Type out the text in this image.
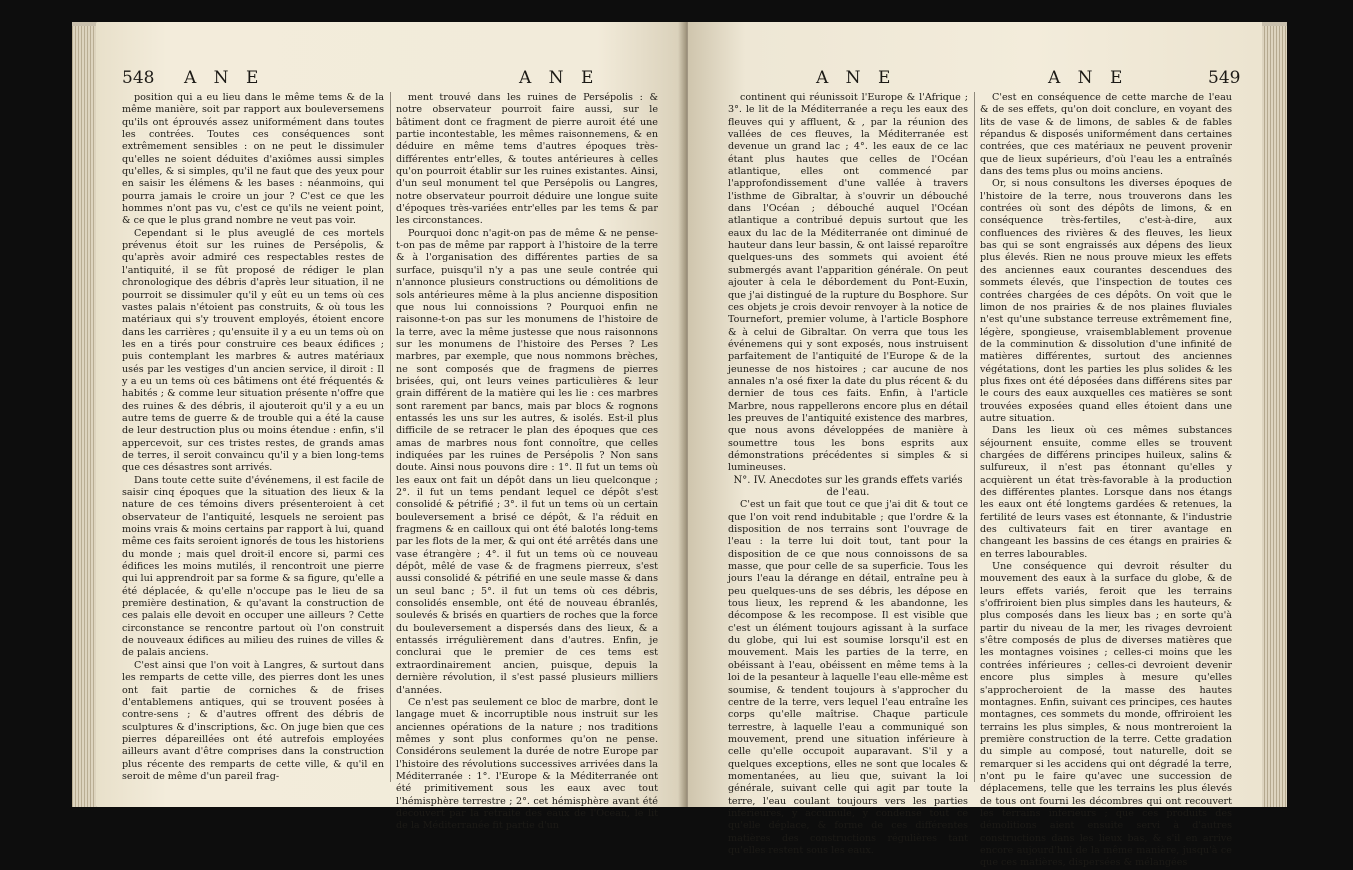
548 A N E	A N E

position qui a eu lieu dans le même tems & de la même manière, soit par rapport aux bouleversemens qu'ils ont éprouvés assez uniformément dans toutes les contrées. Toutes ces conséquences sont extrêmement sensibles : on ne peut le dissimuler qu'elles ne soient déduites d'axiômes aussi simples qu'elles, & si simples, qu'il ne faut que des yeux pour en saisir les élémens & les bases : néanmoins, qui pourra jamais le croire un jour ? C'est ce que les hommes n'ont pas vu, c'est ce qu'ils ne veient point, & ce que le plus grand nombre ne veut pas voir.

Cependant si le plus aveuglé de ces mortels prévenus étoit sur les ruines de Persépolis, & qu'après avoir admiré ces respectables restes de l'antiquité, il se fût proposé de rédiger le plan chronologique des débris d'après leur situation, il ne pourroit se dissimuler qu'il y eût eu un tems où ces vastes palais n'étoient pas construits, & où tous les matériaux qui s'y trouvent employés, étoient encore dans les carrières ; qu'ensuite il y a eu un tems où on les en a tirés pour construire ces beaux édifices ; puis contemplant les marbres & autres matériaux usés par les vestiges d'un ancien service, il diroit : Il y a eu un tems où ces bâtimens ont été fréquentés & habités ; & comme leur situation présente n'offre que des ruines & des débris, il ajouteroit qu'il y a eu un autre tems de guerre & de trouble qui a été la cause de leur destruction plus ou moins étendue : enfin, s'il appercevoit, sur ces tristes restes, de grands amas de terres, il seroit convaincu qu'il y a bien long-tems que ces désastres sont arrivés.

Dans toute cette suite d'événemens, il est facile de saisir cinq époques que la situation des lieux & la nature de ces témoins divers présenteroient à cet observateur de l'antiquité, lesquels ne seroient pas moins vrais & moins certains par rapport à lui, quand même ces faits seroient ignorés de tous les historiens du monde ; mais quel droit-il encore si, parmi ces édifices les moins mutilés, il rencontroit une pierre qui lui apprendroit par sa forme & sa figure, qu'elle a été déplacée, & qu'elle n'occupe pas le lieu de sa première destination, & qu'avant la construction de ces palais elle devoit en occuper une ailleurs ? Cette circonstance se rencontre partout où l'on construit de nouveaux édifices au milieu des ruines de villes & de palais anciens.

C'est ainsi que l'on voit à Langres, & surtout dans les remparts de cette ville, des pierres dont les unes ont fait partie de corniches & de frises d'entablemens antiques, qui se trouvent posées à contre-sens ; & d'autres offrent des débris de sculptures & d'inscriptions, &c. On juge bien que ces pierres dépareillées ont été autrefois employées ailleurs avant d'être comprises dans la construction plus récente des remparts de cette ville, & qu'il en seroit de même d'un pareil frag-

ment trouvé dans les ruines de Persépolis : & notre observateur pourroit faire aussi, sur le bâtiment dont ce fragment de pierre auroit été une partie incontestable, les mêmes raisonnemens, & en déduire en même tems d'autres époques très-différentes entr'elles, & toutes antérieures à celles qu'on pourroit établir sur les ruines existantes. Ainsi, d'un seul monument tel que Persépolis ou Langres, notre observateur pourroit déduire une longue suite d'époques très-variées entr'elles par les tems & par les circonstances.

Pourquoi donc n'agit-on pas de même & ne pense-t-on pas de même par rapport à l'histoire de la terre & à l'organisation des différentes parties de sa surface, puisqu'il n'y a pas une seule contrée qui n'annonce plusieurs constructions ou démolitions de sols antérieures même à la plus ancienne disposition que nous lui connoissions ? Pourquoi enfin ne raisonne-t-on pas sur les monumens de l'histoire de la terre, avec la même justesse que nous raisonnons sur les monumens de l'histoire des Perses ? Les marbres, par exemple, que nous nommons brèches, ne sont composés que de fragmens de pierres brisées, qui, ont leurs veines particulières & leur grain différent de la matière qui les lie : ces marbres sont rarement par bancs, mais par blocs & rognons entassés les uns sur les autres, & isolés. Est-il plus difficile de se retracer le plan des époques que ces amas de marbres nous font connoître, que celles indiquées par les ruines de Persépolis ? Non sans doute. Ainsi nous pouvons dire : 1°. Il fut un tems où les eaux ont fait un dépôt dans un lieu quelconque ; 2°. il fut un tems pendant lequel ce dépôt s'est consolidé & pétrifié ; 3°. il fut un tems où un certain bouleversement a brisé ce dépôt, & l'a réduit en fragmens & en cailloux qui ont été balotés long-tems par les flots de la mer, & qui ont été arrêtés dans une vase étrangère ; 4°. il fut un tems où ce nouveau dépôt, mêlé de vase & de fragmens pierreux, s'est aussi consolidé & pétrifié en une seule masse & dans un seul banc ; 5°. il fut un tems où ces débris, consolidés ensemble, ont été de nouveau ébranlés, soulevés & brisés en quartiers de roches que la force du bouleversement a dispersés dans des lieux, & a entassés irrégulièrement dans d'autres. Enfin, je conclurai que le premier de ces tems est extraordinairement ancien, puisque, depuis la dernière révolution, il s'est passé plusieurs milliers d'années.

Ce n'est pas seulement ce bloc de marbre, dont le langage muet & incorruptible nous instruit sur les anciennes opérations de la nature ; nos traditions mêmes y sont plus conformes qu'on ne pense. Considérons seulement la durée de notre Europe par l'histoire des révolutions successives arrivées dans la Méditerranée : 1°. l'Europe & la Méditerranée ont été primitivement sous les eaux avec tout l'hémisphère terrestre ; 2°. cet hémisphère avant été découvert par la retraite des eaux de l'Océan, le lit de la Méditerranée fit partie d'un

A N E	A N E	549

continent qui réunissoit l'Europe & l'Afrique ; 3°. le lit de la Méditerranée a reçu les eaux des fleuves qui y affluent, & , par la réunion des vallées de ces fleuves, la Méditerranée est devenue un grand lac ; 4°. les eaux de ce lac étant plus hautes que celles de l'Océan atlantique, elles ont commencé par l'approfondissement d'une vallée à travers l'isthme de Gibraltar, à s'ouvrir un débouché dans l'Océan ; débouché auquel l'Océan atlantique a contribué depuis surtout que les eaux du lac de la Méditerranée ont diminué de hauteur dans leur bassin, & ont laissé reparoître quelques-uns des sommets qui avoient été submergés avant l'apparition générale. On peut ajouter à cela le débordement du Pont-Euxin, que j'ai distingué de la rupture du Bosphore. Sur ces objets je crois devoir renvoyer à la notice de Tournefort, premier volume, à l'article Bosphore & à celui de Gibraltar. On verra que tous les événemens qui y sont exposés, nous instruisent parfaitement de l'antiquité de l'Europe & de la jeunesse de nos histoires ; car aucune de nos annales n'a osé fixer la date du plus récent & du dernier de tous ces faits. Enfin, à l'article Marbre, nous rappellerons encore plus en détail les preuves de l'antiquité existence des marbres, que nous avons développées de manière à soumettre tous les bons esprits aux démonstrations précédentes si simples & si lumineuses.

N°. IV. Anecdotes sur les grands effets variés de l'eau.

C'est un fait que tout ce que j'ai dit & tout ce que l'on voit rend indubitable ; que l'ordre & la disposition de nos terrains sont l'ouvrage de l'eau : la terre lui doit tout, tant pour la disposition de ce que nous connoissons de sa masse, que pour celle de sa superficie. Tous les jours l'eau la dérange en détail, entraîne peu à peu quelques-uns de ses débris, les dépose en tous lieux, les reprend & les abandonne, les décompose & les recompose. Il est visible que c'est un élément toujours agissant à la surface du globe, qui lui est soumise lorsqu'il est en mouvement. Mais les parties de la terre, en obéissant à l'eau, obéissent en même tems à la loi de la pesanteur à laquelle l'eau elle-même est soumise, & tendent toujours à s'approcher du centre de la terre, vers lequel l'eau entraîne les corps qu'elle maîtrise. Chaque particule terrestre, à laquelle l'eau a communiqué son mouvement, prend une situation inférieure à celle qu'elle occupoit auparavant. S'il y a quelques exceptions, elles ne sont que locales & momentanées, au lieu que, suivant la loi générale, suivant celle qui agit par toute la terre, l'eau coulant toujours vers les parties inférieures, y accumule, y condense tout ce qu'elle déplace, & forme de ces différentes matières des constructions régulières tant qu'elles restent sous les eaux.

C'est en conséquence de cette marche de l'eau & de ses effets, qu'on doit conclure, en voyant des lits de vase & de limons, de sables & de fables répandus & disposés uniformément dans certaines contrées, que ces matériaux ne peuvent provenir que de lieux supérieurs, d'où l'eau les a entraînés dans des tems plus ou moins anciens.

Or, si nous consultons les diverses époques de l'histoire de la terre, nous trouverons dans les contrées où sont des dépôts de limons, & en conséquence très-fertiles, c'est-à-dire, aux confluences des rivières & des fleuves, les lieux bas qui se sont engraissés aux dépens des lieux plus élevés. Rien ne nous prouve mieux les effets des anciennes eaux courantes descendues des sommets élevés, que l'inspection de toutes ces contrées chargées de ces dépôts. On voit que le limon de nos prairies & de nos plaines fluviales n'est qu'une substance terreuse extrêmement fine, légère, spongieuse, vraisemblablement provenue de la comminution & dissolution d'une infinité de matières différentes, surtout des anciennes végétations, dont les parties les plus solides & les plus fixes ont été déposées dans différens sites par le cours des eaux auxquelles ces matières se sont trouvées exposées quand elles étoient dans une autre situation.

Dans les lieux où ces mêmes substances séjournent ensuite, comme elles se trouvent chargées de différens principes huileux, salins & sulfureux, il n'est pas étonnant qu'elles y acquièrent un état très-favorable à la production des différentes plantes. Lorsque dans nos étangs les eaux ont été longtems gardées & retenues, la fertilité de leurs vases est étonnante, & l'industrie des cultivateurs fait en tirer avantage en changeant les bassins de ces étangs en prairies & en terres labourables.

Une conséquence qui devroit résulter du mouvement des eaux à la surface du globe, & de leurs effets variés, feroit que les terrains s'offriroient bien plus simples dans les hauteurs, & plus composés dans les lieux bas ; en sorte qu'à partir du niveau de la mer, les rivages devroient s'être composés de plus de diverses matières que les montagnes voisines ; celles-ci moins que les contrées inférieures ; celles-ci devroient devenir encore plus simples à mesure qu'elles s'approcheroient de la masse des hautes montagnes. Enfin, suivant ces principes, ces hautes montagnes, ces sommets du monde, offriroient les terrains les plus simples, & nous montreroient la première construction de la terre. Cette gradation du simple au composé, tout naturelle, doit se remarquer si les accidens qui ont dégradé la terre, n'ont pu le faire qu'avec une succession de déplacemens, telle que les terrains les plus élevés de tous ont fourni les décombres qui ont recouvert les terrains inférieurs ; que ces produits des démolitions aient ensuite servi à d'autres constructions dans les lieux bas, & s'il en arrive encore aujourd'hui de la même manière, jusqu'à ce que ces matières, dispersées & mélangées
